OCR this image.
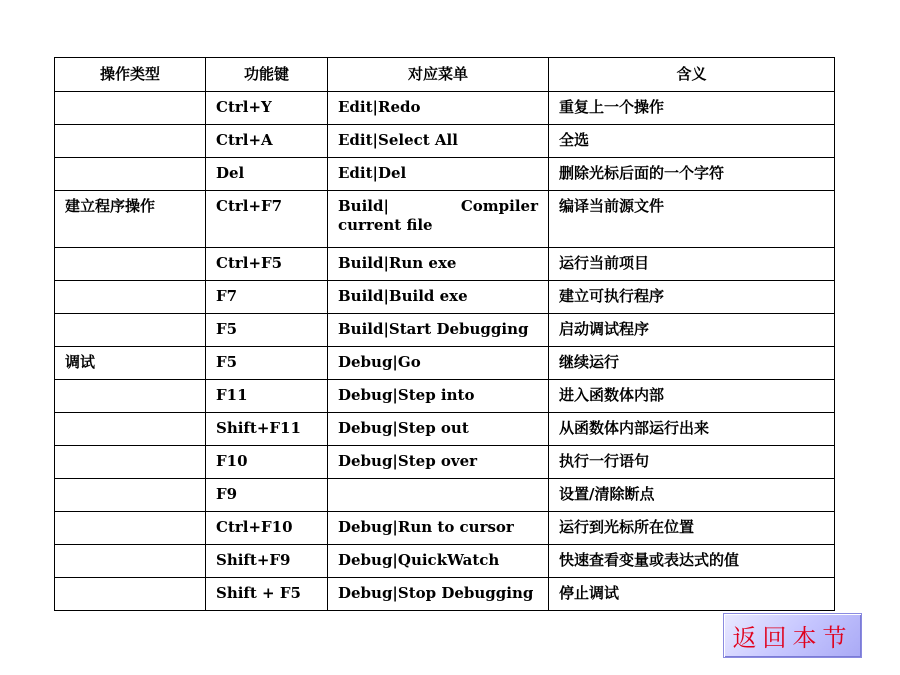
操作类型	功能键	对应菜单	含义
	Ctrl+Y	Edit|Redo	重复上一个操作
	Ctrl+A	Edit|Select All	全选
	Del	Edit|Del	删除光标后面的一个字符
建立程序操作	Ctrl+F7	Build| Compiler current file	编译当前源文件
	Ctrl+F5	Build|Run exe	运行当前项目
	F7	Build|Build exe	建立可执行程序
	F5	Build|Start Debugging	启动调试程序
调试	F5	Debug|Go	继续运行
	F11	Debug|Step into	进入函数体内部
	Shift+F11	Debug|Step out	从函数体内部运行出来
	F10	Debug|Step over	执行一行语句
	F9		设置/清除断点
	Ctrl+F10	Debug|Run to cursor	运行到光标所在位置
	Shift+F9	Debug|QuickWatch	快速查看变量或表达式的值
	Shift + F5	Debug|Stop Debugging	停止调试
返回本节
